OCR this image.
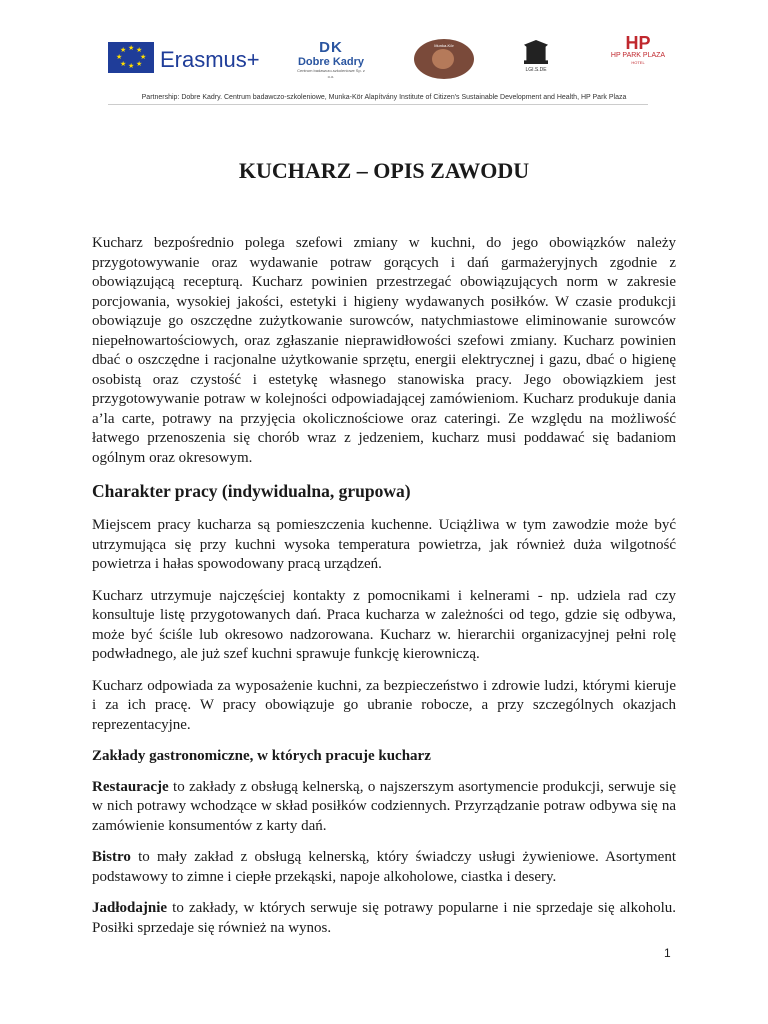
★ ★
★
★
★
★
★
★ Erasmus+	DK
Dobre Kadry
Centrum badawczo-szkoleniowe Sp. z o.o.
Munka-Kör
LGI.S.DE
HP
HP PARK PLAZA
HOTEL
Partnership: Dobre Kadry. Centrum badawczo-szkoleniowe, Munka-Kör Alapítvány Institute of Citizen's Sustainable Development and Health, HP Park Plaza
KUCHARZ – OPIS ZAWODU

Kucharz bezpośrednio polega szefowi zmiany w kuchni, do jego obowiązków należy przygotowywanie oraz wydawanie potraw gorących i dań garmażeryjnych zgodnie z obowiązującą recepturą. Kucharz powinien przestrzegać obowiązujących norm w zakresie porcjowania, wysokiej jakości, estetyki i higieny wydawanych posiłków. W czasie produkcji obowiązuje go oszczędne zużytkowanie surowców, natychmiastowe eliminowanie surowców niepełnowartościowych, oraz zgłaszanie nieprawidłowości szefowi zmiany. Kucharz powinien dbać o oszczędne i racjonalne użytkowanie sprzętu, energii elektrycznej i gazu, dbać o higienę osobistą oraz czystość i estetykę własnego stanowiska pracy. Jego obowiązkiem jest przygotowywanie potraw w kolejności odpowiadającej zamówieniom. Kucharz produkuje dania a’la carte, potrawy na przyjęcia okolicznościowe oraz cateringi. Ze względu na możliwość łatwego przenoszenia się chorób wraz z jedzeniem, kucharz musi poddawać się badaniom ogólnym oraz okresowym.

Charakter pracy (indywidualna, grupowa)

Miejscem pracy kucharza są pomieszczenia kuchenne. Uciążliwa w tym zawodzie może być utrzymująca się przy kuchni wysoka temperatura powietrza, jak również duża wilgotność powietrza i hałas spowodowany pracą urządzeń.

Kucharz utrzymuje najczęściej kontakty z pomocnikami i kelnerami - np. udziela rad czy konsultuje listę przygotowanych dań. Praca kucharza w zależności od tego, gdzie się odbywa, może być ściśle lub okresowo nadzorowana. Kucharz w. hierarchii organizacyjnej pełni rolę podwładnego, ale już szef kuchni sprawuje funkcję kierowniczą.

Kucharz odpowiada za wyposażenie kuchni, za bezpieczeństwo i zdrowie ludzi, którymi kieruje i za ich pracę. W pracy obowiązuje go ubranie robocze, a przy szczególnych okazjach reprezentacyjne.

Zakłady gastronomiczne, w których pracuje kucharz

Restauracje to zakłady z obsługą kelnerską, o najszerszym asortymencie produkcji, serwuje się w nich potrawy wchodzące w skład posiłków codziennych. Przyrządzanie potraw odbywa się na zamówienie konsumentów z karty dań.

Bistro to mały zakład z obsługą kelnerską, który świadczy usługi żywieniowe. Asortyment podstawowy to zimne i ciepłe przekąski, napoje alkoholowe, ciastka i desery.

Jadłodajnie to zakłady, w których serwuje się potrawy popularne i nie sprzedaje się alkoholu. Posiłki sprzedaje się również na wynos.

1
